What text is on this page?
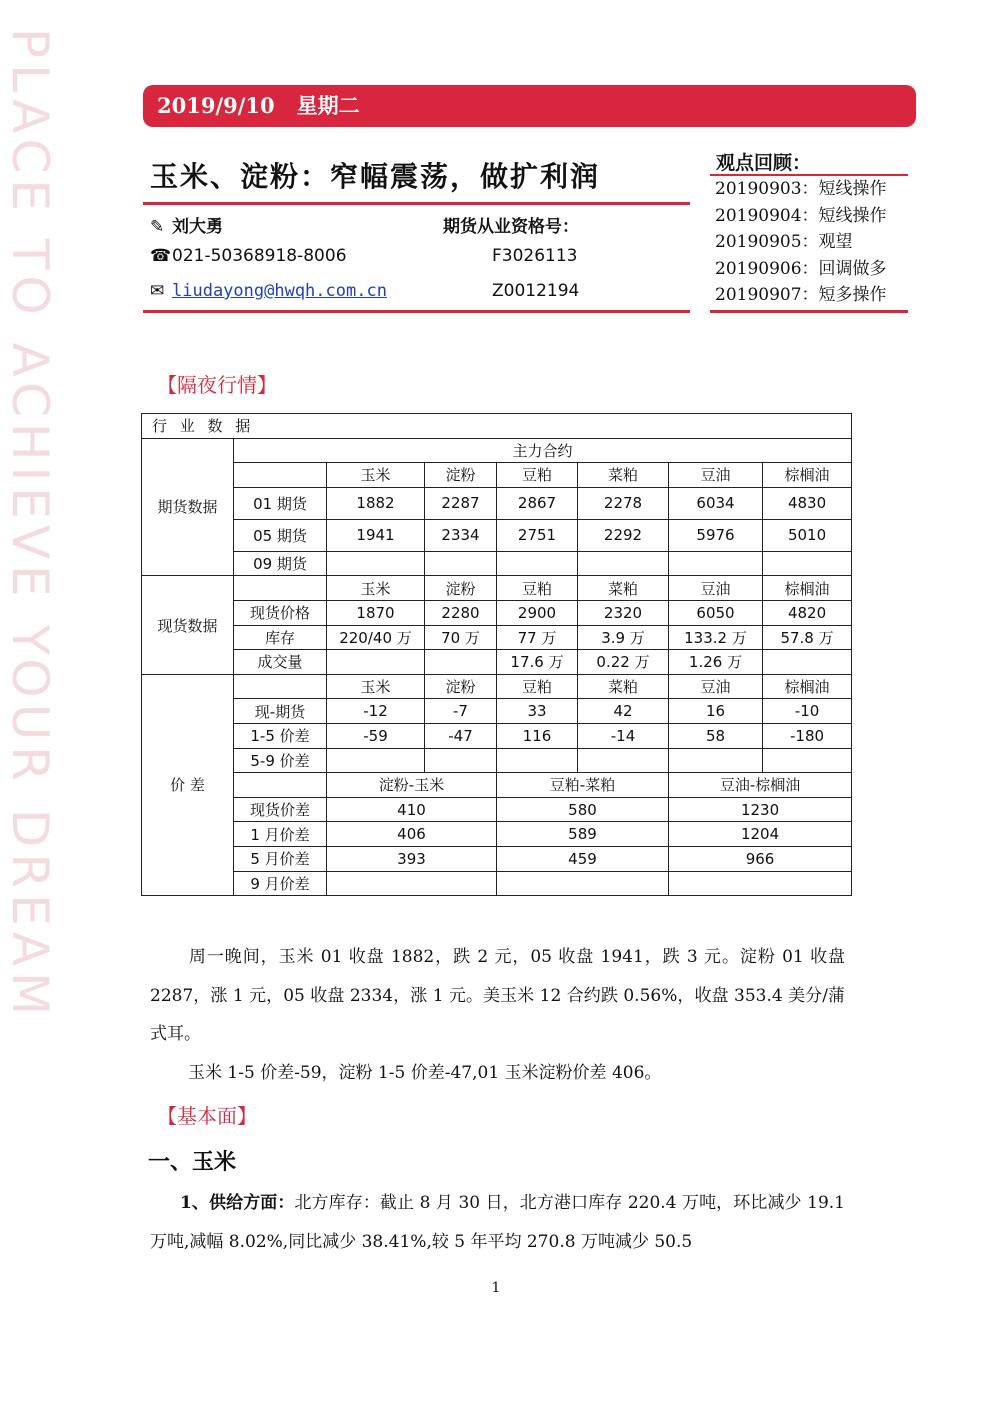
PLACE TO ACHIEVE YOUR DREAM	2019/9/10 星期二
玉米、淀粉：窄幅震荡，做扩利润
✎ 刘大勇
☎021-50368918-8006
✉ liudayong@hwqh.com.cn
期货从业资格号：
F3026113
Z0012194
观点回顾：
20190903：短线操作
20190904：短线操作
20190905：观望
20190906：回调做多
20190907：短多操作
【隔夜行情】
行 业 数 据							
期货数据	主力合约						
		玉米	淀粉	豆粕	菜粕	豆油	棕榈油
	01 期货	1882	2287	2867	2278	6034	4830
	05 期货	1941	2334	2751	2292	5976	5010
	09 期货						
现货数据		玉米	淀粉	豆粕	菜粕	豆油	棕榈油
	现货价格	1870	2280	2900	2320	6050	4820
	库存	220/40 万	70 万	77 万	3.9 万	133.2 万	57.8 万
	成交量			17.6 万	0.22 万	1.26 万	
价 差		玉米	淀粉	豆粕	菜粕	豆油	棕榈油
	现-期货	-12	-7	33	42	16	-10
	1-5 价差	-59	-47	116	-14	58	-180
	5-9 价差						
		淀粉-玉米		豆粕-菜粕		豆油-棕榈油	
	现货价差	410		580		1230	
	1 月价差	406		589		1204	
	5 月价差	393		459		966	
	9 月价差						
周一晚间，玉米 01 收盘 1882，跌 2 元，05 收盘 1941，跌 3 元。淀粉 01 收盘 2287，涨 1 元，05 收盘 2334，涨 1 元。美玉米 12 合约跌 0.56%，收盘 353.4 美分/蒲式耳。
玉米 1-5 价差-59，淀粉 1-5 价差-47,01 玉米淀粉价差 406。
【基本面】
一、玉米
1、供给方面：北方库存：截止 8 月 30 日，北方港口库存 220.4 万吨，环比减少 19.1 万吨,减幅 8.02%,同比减少 38.41%,较 5 年平均 270.8 万吨减少 50.5
1
